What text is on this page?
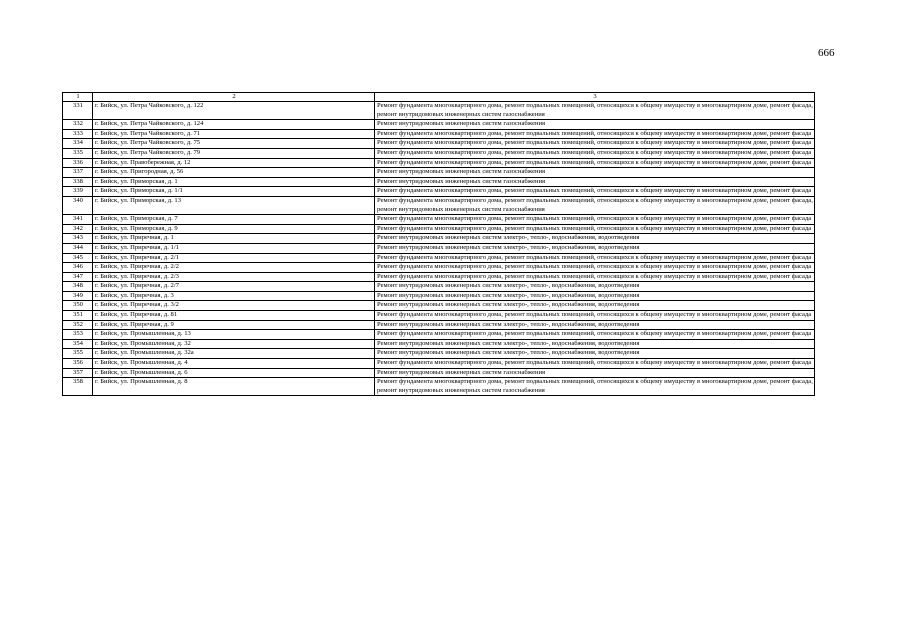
666
1	2	3
331	г. Бийск, ул. Петра Чайковского, д. 122	Ремонт фундамента многоквартирного дома, ремонт подвальных помещений, относящихся к общему имуществу в многоквартирном доме, ремонт фасада, ремонт внутридомовых инженерных систем газоснабжения
332	г. Бийск, ул. Петра Чайковского, д. 124	Ремонт внутридомовых инженерных систем газоснабжения
333	г. Бийск, ул. Петра Чайковского, д. 71	Ремонт фундамента многоквартирного дома, ремонт подвальных помещений, относящихся к общему имуществу в многоквартирном доме, ремонт фасада
334	г. Бийск, ул. Петра Чайковского, д. 75	Ремонт фундамента многоквартирного дома, ремонт подвальных помещений, относящихся к общему имуществу в многоквартирном доме, ремонт фасада
335	г. Бийск, ул. Петра Чайковского, д. 79	Ремонт фундамента многоквартирного дома, ремонт подвальных помещений, относящихся к общему имуществу в многоквартирном доме, ремонт фасада
336	г. Бийск, ул. Правобережная, д. 12	Ремонт фундамента многоквартирного дома, ремонт подвальных помещений, относящихся к общему имуществу в многоквартирном доме, ремонт фасада
337	г. Бийск, ул. Пригородная, д. 56	Ремонт внутридомовых инженерных систем газоснабжения
338	г. Бийск, ул. Приморская, д. 1	Ремонт внутридомовых инженерных систем газоснабжения
339	г. Бийск, ул. Приморская, д. 1/1	Ремонт фундамента многоквартирного дома, ремонт подвальных помещений, относящихся к общему имуществу в многоквартирном доме, ремонт фасада
340	г. Бийск, ул. Приморская, д. 13	Ремонт фундамента многоквартирного дома, ремонт подвальных помещений, относящихся к общему имуществу в многоквартирном доме, ремонт фасада, ремонт внутридомовых инженерных систем газоснабжения
341	г. Бийск, ул. Приморская, д. 7	Ремонт фундамента многоквартирного дома, ремонт подвальных помещений, относящихся к общему имуществу в многоквартирном доме, ремонт фасада
342	г. Бийск, ул. Приморская, д. 9	Ремонт фундамента многоквартирного дома, ремонт подвальных помещений, относящихся к общему имуществу в многоквартирном доме, ремонт фасада
343	г. Бийск, ул. Приречная, д. 1	Ремонт внутридомовых инженерных систем электро-, тепло-, водоснабжения, водоотведения
344	г. Бийск, ул. Приречная, д. 1/1	Ремонт внутридомовых инженерных систем электро-, тепло-, водоснабжения, водоотведения
345	г. Бийск, ул. Приречная, д. 2/1	Ремонт фундамента многоквартирного дома, ремонт подвальных помещений, относящихся к общему имуществу в многоквартирном доме, ремонт фасада
346	г. Бийск, ул. Приречная, д. 2/2	Ремонт фундамента многоквартирного дома, ремонт подвальных помещений, относящихся к общему имуществу в многоквартирном доме, ремонт фасада
347	г. Бийск, ул. Приречная, д. 2/3	Ремонт фундамента многоквартирного дома, ремонт подвальных помещений, относящихся к общему имуществу в многоквартирном доме, ремонт фасада
348	г. Бийск, ул. Приречная, д. 2/7	Ремонт внутридомовых инженерных систем электро-, тепло-, водоснабжения, водоотведения
349	г. Бийск, ул. Приречная, д. 3	Ремонт внутридомовых инженерных систем электро-, тепло-, водоснабжения, водоотведения
350	г. Бийск, ул. Приречная, д. 3/2	Ремонт внутридомовых инженерных систем электро-, тепло-, водоснабжения, водоотведения
351	г. Бийск, ул. Приречная, д. 81	Ремонт фундамента многоквартирного дома, ремонт подвальных помещений, относящихся к общему имуществу в многоквартирном доме, ремонт фасада
352	г. Бийск, ул. Приречная, д. 9	Ремонт внутридомовых инженерных систем электро-, тепло-, водоснабжения, водоотведения
353	г. Бийск, ул. Промышленная, д. 13	Ремонт фундамента многоквартирного дома, ремонт подвальных помещений, относящихся к общему имуществу в многоквартирном доме, ремонт фасада
354	г. Бийск, ул. Промышленная, д. 32	Ремонт внутридомовых инженерных систем электро-, тепло-, водоснабжения, водоотведения
355	г. Бийск, ул. Промышленная, д. 32а	Ремонт внутридомовых инженерных систем электро-, тепло-, водоснабжения, водоотведения
356	г. Бийск, ул. Промышленная, д. 4	Ремонт фундамента многоквартирного дома, ремонт подвальных помещений, относящихся к общему имуществу в многоквартирном доме, ремонт фасада
357	г. Бийск, ул. Промышленная, д. 6	Ремонт внутридомовых инженерных систем газоснабжения
358	г. Бийск, ул. Промышленная, д. 8	Ремонт фундамента многоквартирного дома, ремонт подвальных помещений, относящихся к общему имуществу в многоквартирном доме, ремонт фасада, ремонт внутридомовых инженерных систем газоснабжения
